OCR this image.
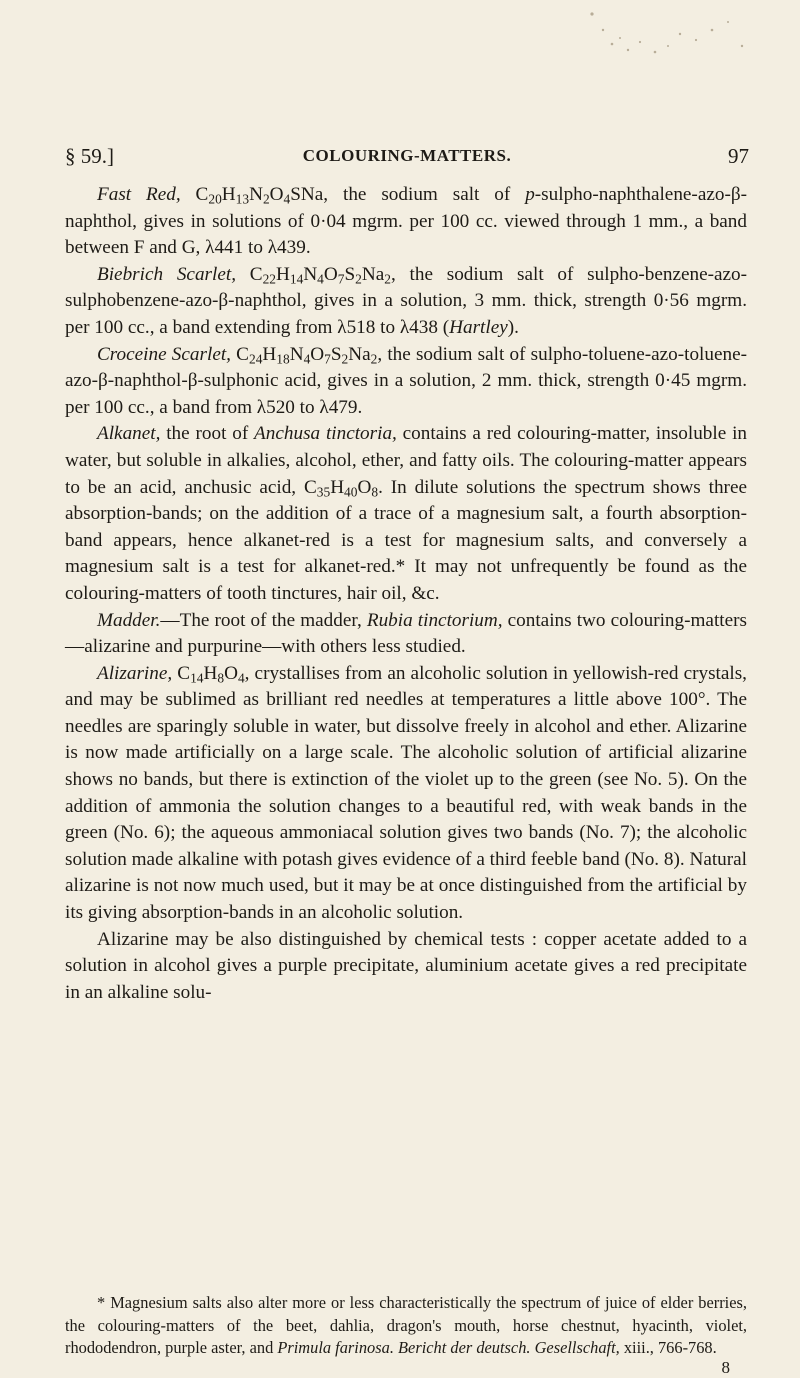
§ 59.]	COLOURING-MATTERS.	97

Fast Red, $C_{20}H_{13}N_2O_4SNa$, the sodium salt of p-sulpho-naphthalene-azo-β-naphthol, gives in solutions of 0·04 mgrm. per 100 cc. viewed through 1 mm., a band between F and G, λ441 to λ439.

Biebrich Scarlet, $C_{22}H_{14}N_4O_7S_2Na_2$, the sodium salt of sulpho-benzene-azo-sulphobenzene-azo-β-naphthol, gives in a solution, 3 mm. thick, strength 0·56 mgrm. per 100 cc., a band extending from λ518 to λ438 (Hartley).

Croceine Scarlet, $C_{24}H_{18}N_4O_7S_2Na_2$, the sodium salt of sulpho-toluene-azo-toluene-azo-β-naphthol-β-sulphonic acid, gives in a solution, 2 mm. thick, strength 0·45 mgrm. per 100 cc., a band from λ520 to λ479.

Alkanet, the root of Anchusa tinctoria, contains a red colouring-matter, insoluble in water, but soluble in alkalies, alcohol, ether, and fatty oils. The colouring-matter appears to be an acid, anchusic acid, $C_{35}H_{40}O_8$. In dilute solutions the spectrum shows three absorption-bands; on the addition of a trace of a magnesium salt, a fourth absorption-band appears, hence alkanet-red is a test for magnesium salts, and conversely a magnesium salt is a test for alkanet-red.* It may not unfrequently be found as the colouring-matters of tooth tinctures, hair oil, &c.

Madder.—The root of the madder, Rubia tinctorium, contains two colouring-matters—alizarine and purpurine—with others less studied.

Alizarine, $C_{14}H_8O_4$, crystallises from an alcoholic solution in yellowish-red crystals, and may be sublimed as brilliant red needles at temperatures a little above 100°. The needles are sparingly soluble in water, but dissolve freely in alcohol and ether. Alizarine is now made artificially on a large scale. The alcoholic solution of artificial alizarine shows no bands, but there is extinction of the violet up to the green (see No. 5). On the addition of ammonia the solution changes to a beautiful red, with weak bands in the green (No. 6); the aqueous ammoniacal solution gives two bands (No. 7); the alcoholic solution made alkaline with potash gives evidence of a third feeble band (No. 8). Natural alizarine is not now much used, but it may be at once distinguished from the artificial by its giving absorption-bands in an alcoholic solution.

Alizarine may be also distinguished by chemical tests : copper acetate added to a solution in alcohol gives a purple precipitate, aluminium acetate gives a red precipitate in an alkaline solu-

* Magnesium salts also alter more or less characteristically the spectrum of juice of elder berries, the colouring-matters of the beet, dahlia, dragon's mouth, horse chestnut, hyacinth, violet, rhododendron, purple aster, and Primula farinosa. Bericht der deutsch. Gesellschaft, xiii., 766-768.

8
